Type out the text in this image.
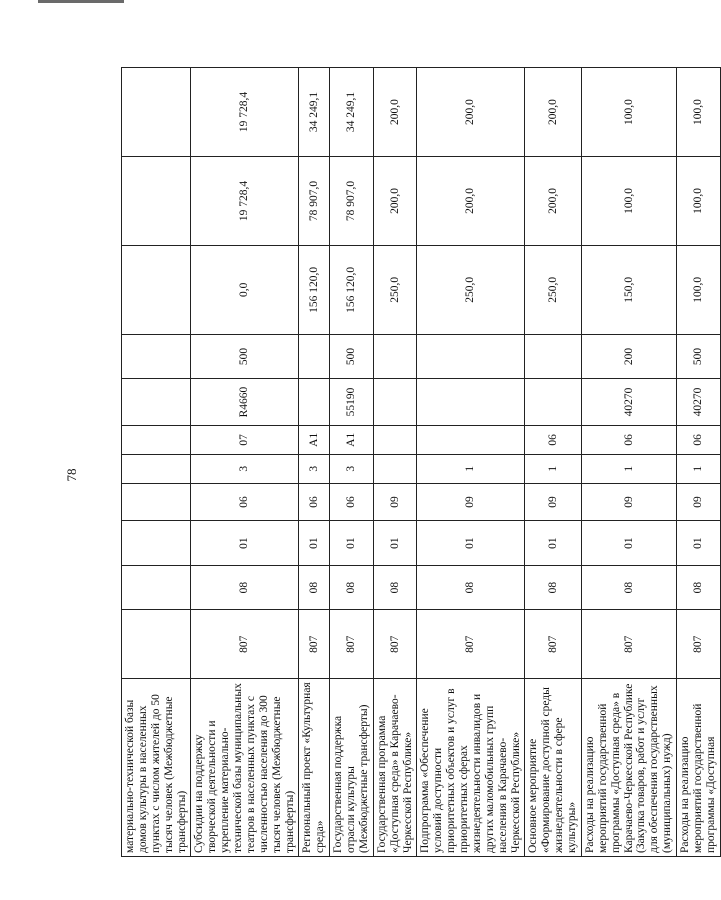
78
материально-технической базы домов культуры в населенных пунктах с числом жителей до 50 тысяч человек (Межбюджетные трансферты)											
Субсидии на поддержку творческой деятельности и укрепление материально-технической базы муниципальных театров в населенных пунктах с численностью населения до 300 тысяч человек (Межбюджетные трансферты)	807	08	01	06	3	07	R4660	500	0,0	19 728,4	19 728,4
Региональный проект «Культурная среда»	807	08	01	06	3	A1			156 120,0	78 907,0	34 249,1
Государственная поддержка отрасли культуры (Межбюджетные трансферты)	807	08	01	06	3	A1	55190	500	156 120,0	78 907,0	34 249,1
Государственная программа «Доступная среда» в Карачаево-Черкесской Республике»	807	08	01	09					250,0	200,0	200,0
Подпрограмма «Обеспечение условий доступности приоритетных объектов и услуг в приоритетных сферах жизнедеятельности инвалидов и других маломобильных групп населения в Карачаево-Черкесской Республике»	807	08	01	09	1				250,0	200,0	200,0
Основное мероприятие «Формирование доступной среды жизнедеятельности в сфере культуры»	807	08	01	09	1	06			250,0	200,0	200,0
Расходы на реализацию мероприятий государственной программы «Доступная среда» в Карачаево-Черкесской Республике (Закупка товаров, работ и услуг для обеспечения государственных (муниципальных) нужд)	807	08	01	09	1	06	40270	200	150,0	100,0	100,0
Расходы на реализацию мероприятий государственной программы «Доступная	807	08	01	09	1	06	40270	500	100,0	100,0	100,0
